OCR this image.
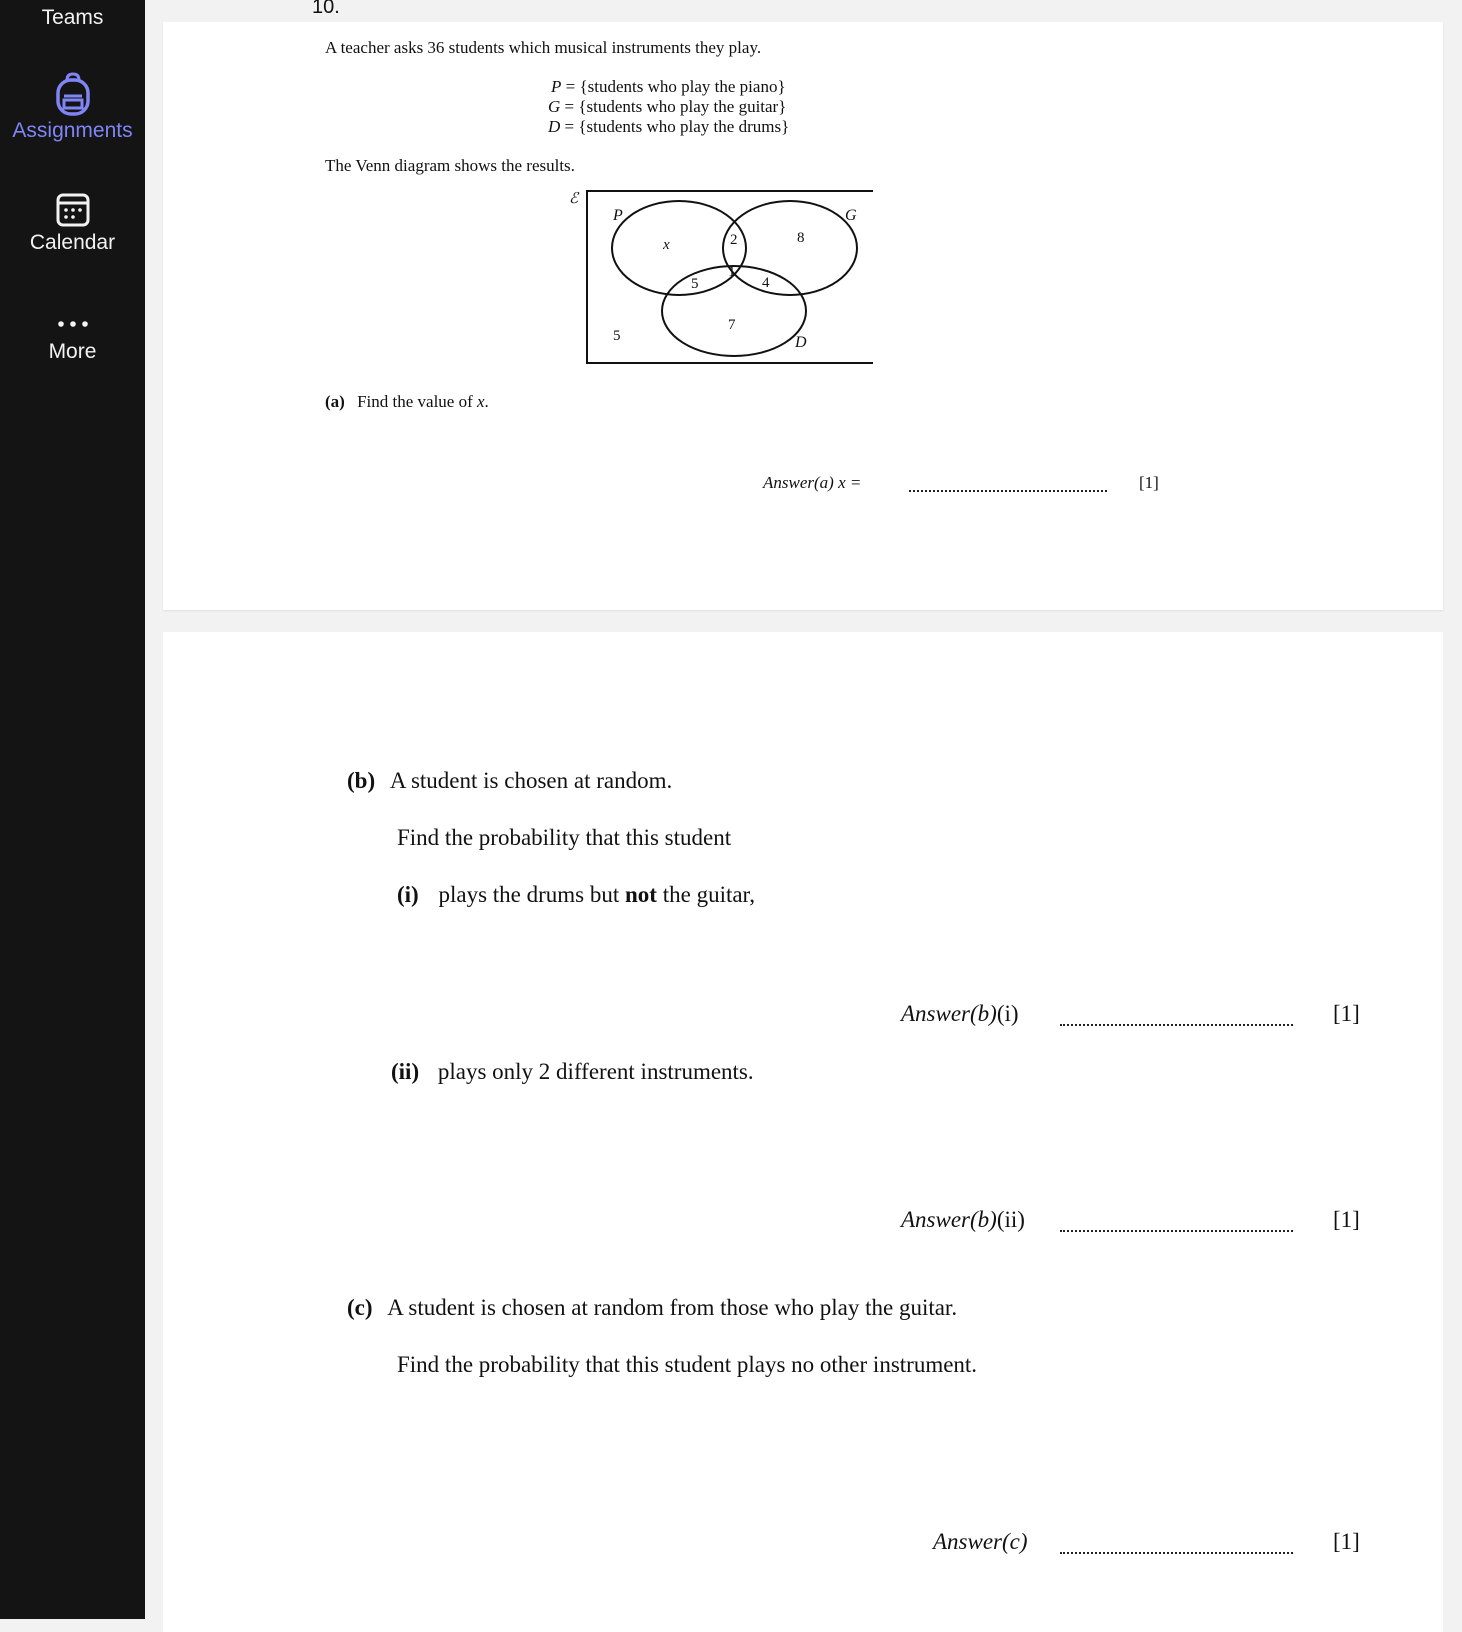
Teams
Assignments
Calendar
More
10.
A teacher asks 36 students which musical instruments they play.
P = {students who play the piano}
G = {students who play the guitar}
D = {students who play the drums}
The Venn diagram shows the results.
ℰ
P	G
D
x	2	8
1
5	4
7
5
(a) Find the value of x.
Answer(a) x =	[1]
(b) A student is chosen at random.
Find the probability that this student
(i) plays the drums but not the guitar,
Answer(b)(i)	[1]
(ii) plays only 2 different instruments.
Answer(b)(ii)	[1]
(c) A student is chosen at random from those who play the guitar.
Find the probability that this student plays no other instrument.
Answer(c)	[1]
